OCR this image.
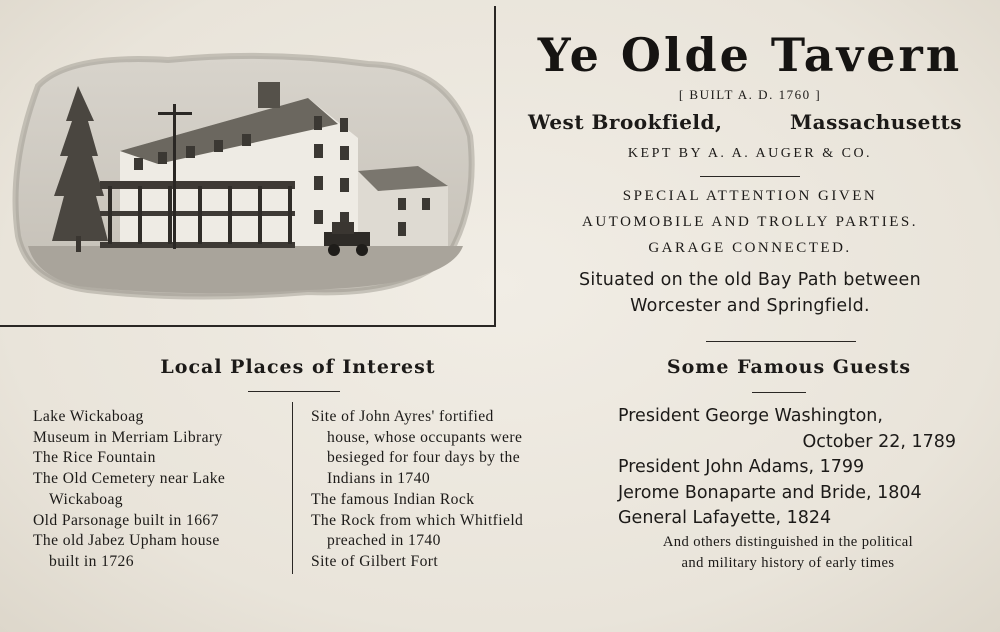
Ye Olde Tavern
[ BUILT A. D. 1760 ]
West Brookfield,	Massachusetts
KEPT BY A. A. AUGER & CO.
SPECIAL ATTENTION GIVEN
AUTOMOBILE AND TROLLY PARTIES.
GARAGE CONNECTED.
Situated on the old Bay Path between
Worcester and Springfield.
Local Places of Interest
Lake Wickaboag
Museum in Merriam Library
The Rice Fountain
The Old Cemetery near Lake
Wickaboag
Old Parsonage built in 1667
The old Jabez Upham house
built in 1726
Site of John Ayres' fortified
house, whose occupants were
besieged for four days by the
Indians in 1740
The famous Indian Rock
The Rock from which Whitfield
preached in 1740
Site of Gilbert Fort
Some Famous Guests
President George Washington,
October 22, 1789
President John Adams, 1799
Jerome Bonaparte and Bride, 1804
General Lafayette, 1824
And others distinguished in the political
and military history of early times
